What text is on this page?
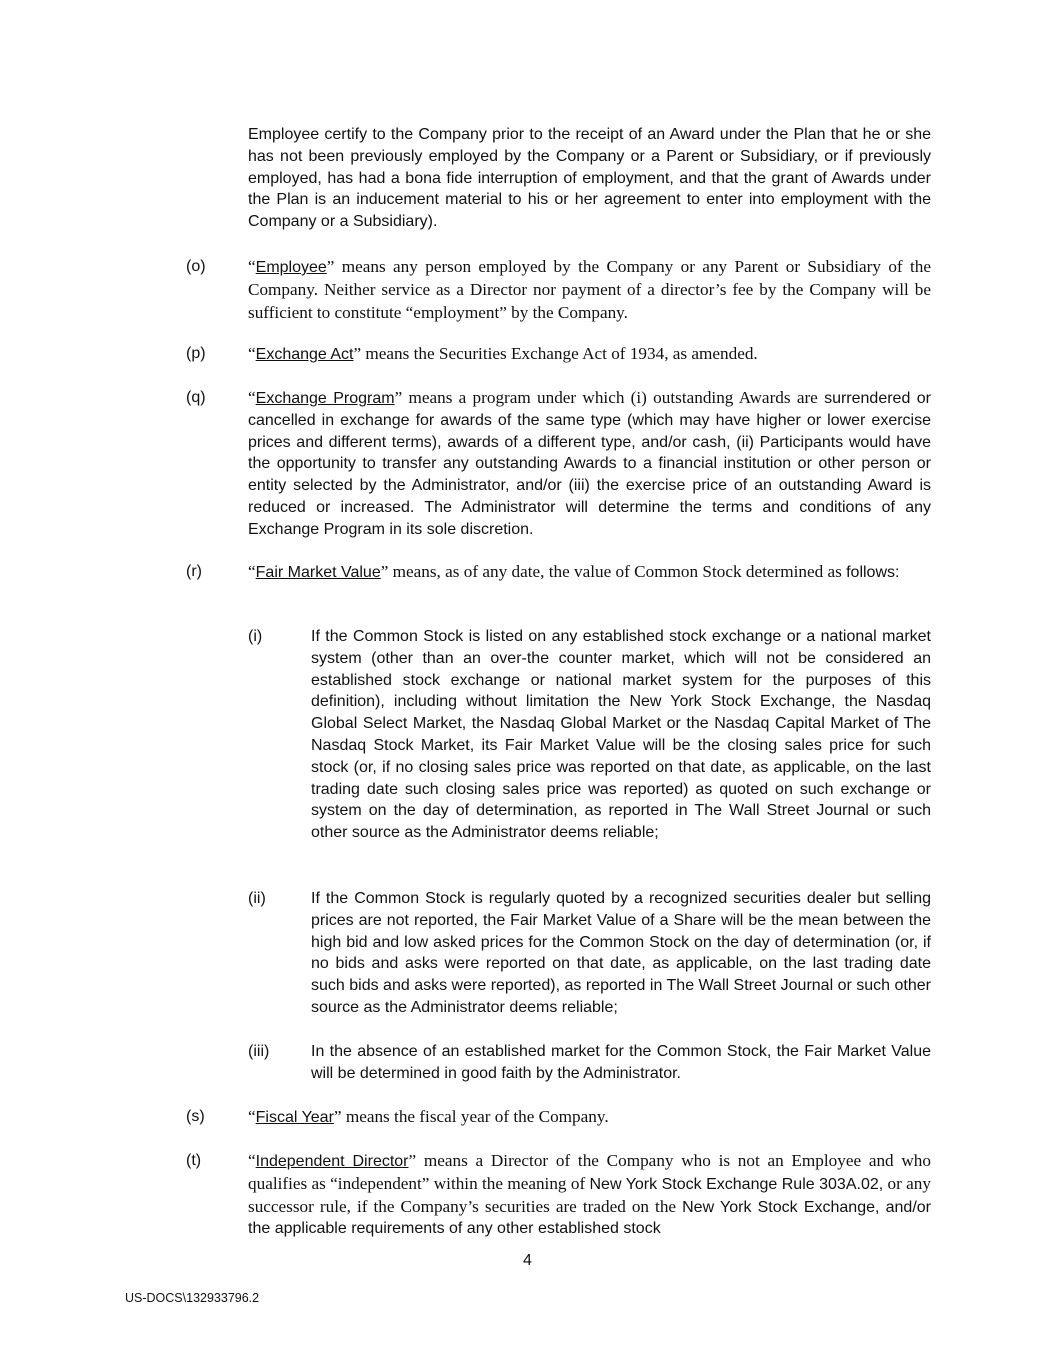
Employee certify to the Company prior to the receipt of an Award under the Plan that he or she has not been previously employed by the Company or a Parent or Subsidiary, or if previously employed, has had a bona fide interruption of employment, and that the grant of Awards under the Plan is an inducement material to his or her agreement to enter into employment with the Company or a Subsidiary).
(o) “Employee” means any person employed by the Company or any Parent or Subsidiary of the Company. Neither service as a Director nor payment of a director’s fee by the Company will be sufficient to constitute “employment” by the Company.
(p) “Exchange Act” means the Securities Exchange Act of 1934, as amended.
(q) “Exchange Program” means a program under which (i) outstanding Awards are surrendered or cancelled in exchange for awards of the same type (which may have higher or lower exercise prices and different terms), awards of a different type, and/or cash, (ii) Participants would have the opportunity to transfer any outstanding Awards to a financial institution or other person or entity selected by the Administrator, and/or (iii) the exercise price of an outstanding Award is reduced or increased. The Administrator will determine the terms and conditions of any Exchange Program in its sole discretion.
(r)	“Fair Market Value” means, as of any date, the value of Common Stock determined as follows:
(i)	If the Common Stock is listed on any established stock exchange or a national market system (other than an over-the counter market, which will not be considered an established stock exchange or national market system for the purposes of this definition), including without limitation the New York Stock Exchange, the Nasdaq Global Select Market, the Nasdaq Global Market or the Nasdaq Capital Market of The Nasdaq Stock Market, its Fair Market Value will be the closing sales price for such stock (or, if no closing sales price was reported on that date, as applicable, on the last trading date such closing sales price was reported) as quoted on such exchange or system on the day of determination, as reported in The Wall Street Journal or such other source as the Administrator deems reliable;
(ii)	If the Common Stock is regularly quoted by a recognized securities dealer but selling prices are not reported, the Fair Market Value of a Share will be the mean between the high bid and low asked prices for the Common Stock on the day of determination (or, if no bids and asks were reported on that date, as applicable, on the last trading date such bids and asks were reported), as reported in The Wall Street Journal or such other source as the Administrator deems reliable;
(iii)	In the absence of an established market for the Common Stock, the Fair Market Value will be determined in good faith by the Administrator.
(s)	“Fiscal Year” means the fiscal year of the Company.
(t)	“Independent Director” means a Director of the Company who is not an Employee and who qualifies as “independent” within the meaning of New York Stock Exchange Rule 303A.02, or any successor rule, if the Company’s securities are traded on the New York Stock Exchange, and/or the applicable requirements of any other established stock
4
US-DOCS\132933796.2
